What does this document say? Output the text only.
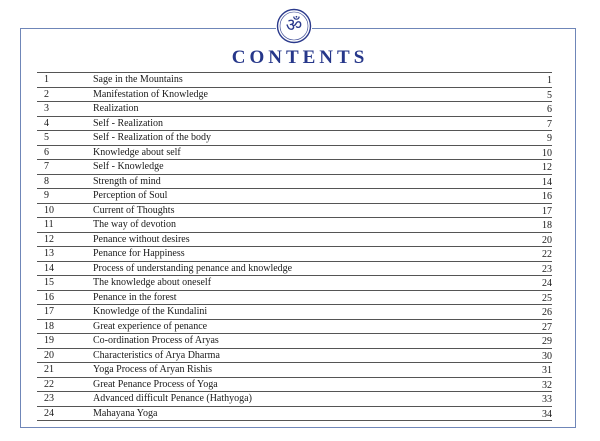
ॐ
CONTENTS
1	Sage in the Mountains	1
2	Manifestation of Knowledge	5
3	Realization	6
4	Self - Realization	7
5	Self - Realization of the body	9
6	Knowledge about self	10
7	Self - Knowledge	12
8	Strength of mind	14
9	Perception of Soul	16
10	Current of Thoughts	17
11	The way of devotion	18
12	Penance without desires	20
13	Penance for Happiness	22
14	Process of understanding penance and knowledge	23
15	The knowledge about oneself	24
16	Penance in the forest	25
17	Knowledge of the Kundalini	26
18	Great experience of penance	27
19	Co-ordination Process of Aryas	29
20	Characteristics of Arya Dharma	30
21	Yoga Process of Aryan Rishis	31
22	Great Penance Process of Yoga	32
23	Advanced difficult Penance (Hathyoga)	33
24	Mahayana Yoga	34
